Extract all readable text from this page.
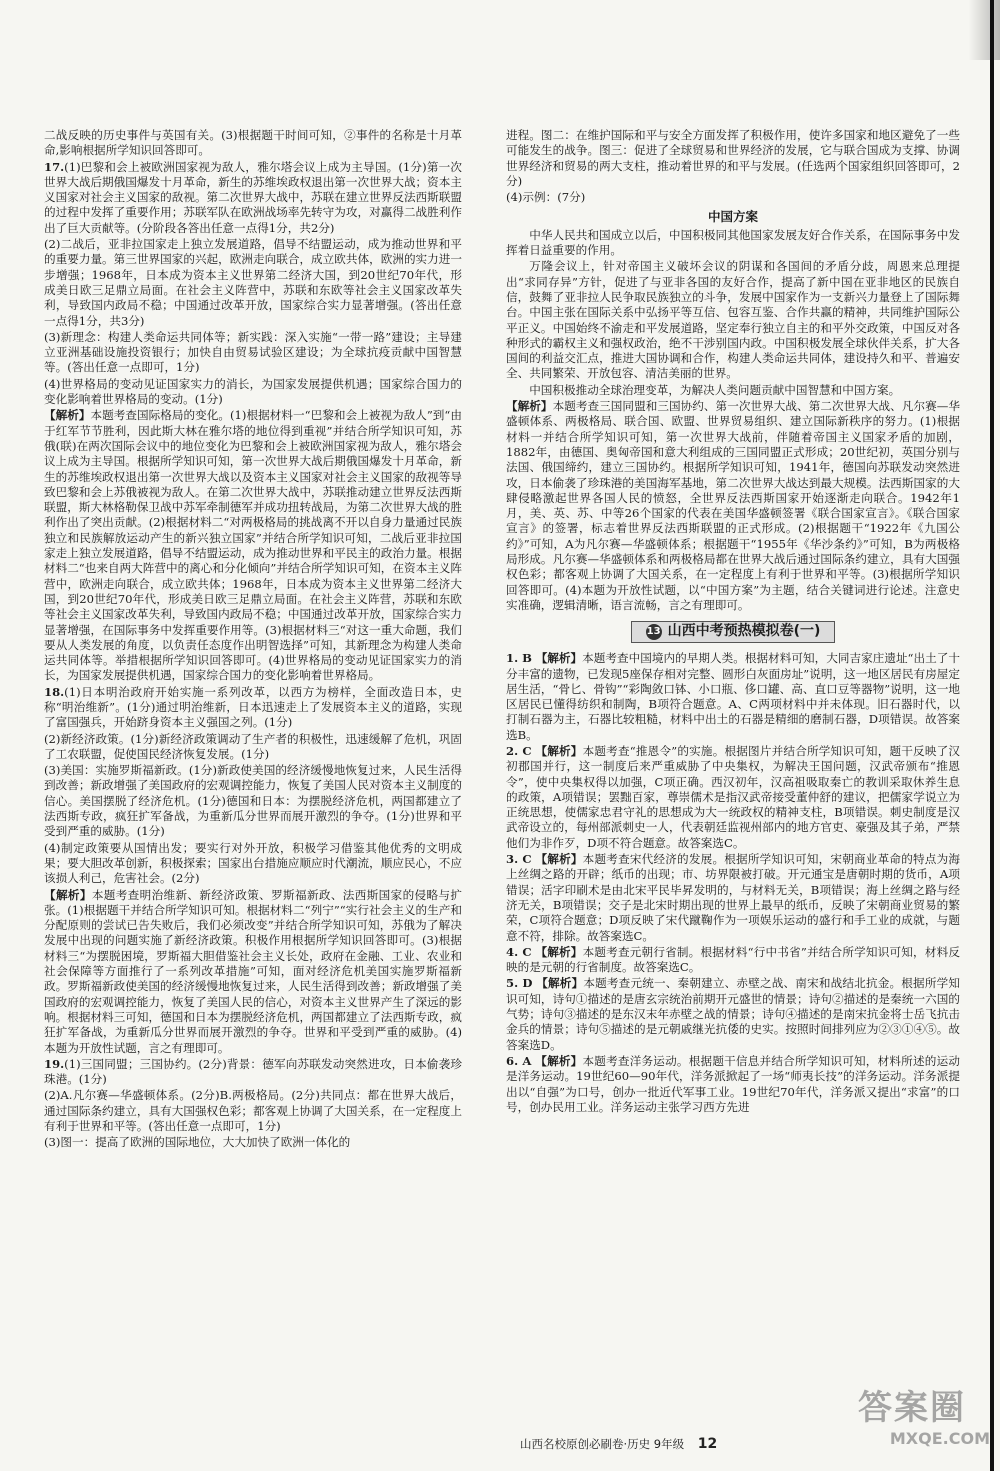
二战反映的历史事件与英国有关。(3)根据题干时间可知，②事件的名称是十月革命,影响根据所学知识回答即可。

17.(1)巴黎和会上被欧洲国家视为敌人，雅尔塔会议上成为主导国。(1分)第一次世界大战后期俄国爆发十月革命，新生的苏维埃政权退出第一次世界大战；资本主义国家对社会主义国家的敌视。第二次世界大战中，苏联在建立世界反法西斯联盟的过程中发挥了重要作用；苏联军队在欧洲战场率先转守为攻，对赢得二战胜利作出了巨大贡献等。(分阶段各答出任意一点得1分，共2分)

(2)二战后，亚非拉国家走上独立发展道路，倡导不结盟运动，成为推动世界和平的重要力量。第三世界国家的兴起，欧洲走向联合，成立欧共体，欧洲的实力进一步增强；1968年，日本成为资本主义世界第二经济大国，到20世纪70年代，形成美日欧三足鼎立局面。在社会主义阵营中，苏联和东欧等社会主义国家改革失利，导致国内政局不稳；中国通过改革开放，国家综合实力显著增强。(答出任意一点得1分，共3分)

(3)新理念：构建人类命运共同体等；新实践：深入实施“一带一路”建设；主导建立亚洲基础设施投资银行；加快自由贸易试验区建设；为全球抗疫贡献中国智慧等。(答出任意一点即可，1分)

(4)世界格局的变动见证国家实力的消长，为国家发展提供机遇；国家综合国力的变化影响着世界格局的变动。(1分)

【解析】本题考查国际格局的变化。(1)根据材料一“巴黎和会上被视为敌人”到“由于红军节节胜利，因此斯大林在雅尔塔的地位得到重视”并结合所学知识可知，苏俄(联)在两次国际会议中的地位变化为巴黎和会上被欧洲国家视为敌人，雅尔塔会议上成为主导国。根据所学知识可知，第一次世界大战后期俄国爆发十月革命，新生的苏维埃政权退出第一次世界大战以及资本主义国家对社会主义国家的敌视等导致巴黎和会上苏俄被视为敌人。在第二次世界大战中，苏联推动建立世界反法西斯联盟，斯大林格勒保卫战中苏军牵制德军并成功扭转战局，为第二次世界大战的胜利作出了突出贡献。(2)根据材料二“对两极格局的挑战离不开以自身力量通过民族独立和民族解放运动产生的新兴独立国家”并结合所学知识可知，二战后亚非拉国家走上独立发展道路，倡导不结盟运动，成为推动世界和平民主的政治力量。根据材料二“也来自两大阵营中的离心和分化倾向”并结合所学知识可知，在资本主义阵营中，欧洲走向联合，成立欧共体；1968年，日本成为资本主义世界第二经济大国，到20世纪70年代，形成美日欧三足鼎立局面。在社会主义阵营，苏联和东欧等社会主义国家改革失利，导致国内政局不稳；中国通过改革开放，国家综合实力显著增强，在国际事务中发挥重要作用等。(3)根据材料三“对这一重大命题，我们要从人类发展的角度，以负责任态度作出明智选择”可知，其新理念为构建人类命运共同体等。举措根据所学知识回答即可。(4)世界格局的变动见证国家实力的消长，为国家发展提供机遇，国家综合国力的变化影响着世界格局。

18.(1)日本明治政府开始实施一系列改革，以西方为榜样，全面改造日本，史称“明治维新”。(1分)通过明治维新，日本迅速走上了发展资本主义的道路，实现了富国强兵，开始跻身资本主义强国之列。(1分)

(2)新经济政策。(1分)新经济政策调动了生产者的积极性，迅速缓解了危机，巩固了工农联盟，促使国民经济恢复发展。(1分)

(3)美国：实施罗斯福新政。(1分)新政使美国的经济缓慢地恢复过来，人民生活得到改善；新政增强了美国政府的宏观调控能力，恢复了美国人民对资本主义制度的信心。美国摆脱了经济危机。(1分)德国和日本：为摆脱经济危机，两国都建立了法西斯专政，疯狂扩军备战，为重新瓜分世界而展开激烈的争夺。(1分)世界和平受到严重的威胁。(1分)

(4)制定政策要从国情出发；要实行对外开放，积极学习借鉴其他优秀的文明成果；要大胆改革创新，积极探索；国家出台措施应顺应时代潮流，顺应民心，不应该损人利己，危害社会。(2分)

【解析】本题考查明治维新、新经济政策、罗斯福新政、法西斯国家的侵略与扩张。(1)根据题干并结合所学知识可知。根据材料二“列宁”“实行社会主义的生产和分配原则的尝试已告失败后，我们必须改变”并结合所学知识可知，苏俄为了解决发展中出现的问题实施了新经济政策。积极作用根据所学知识回答即可。(3)根据材料三“为摆脱困境，罗斯福大胆借鉴社会主义长处，政府在金融、工业、农业和社会保障等方面推行了一系列改革措施”可知，面对经济危机美国实施罗斯福新政。罗斯福新政使美国的经济缓慢地恢复过来，人民生活得到改善；新政增强了美国政府的宏观调控能力，恢复了美国人民的信心，对资本主义世界产生了深远的影响。根据材料三可知，德国和日本为摆脱经济危机，两国都建立了法西斯专政，疯狂扩军备战，为重新瓜分世界而展开激烈的争夺。世界和平受到严重的威胁。(4)本题为开放性试题，言之有理即可。

19.(1)三国同盟；三国协约。(2分)背景：德军向苏联发动突然进攻，日本偷袭珍珠港。(1分)

(2)A.凡尔赛—华盛顿体系。(2分)B.两极格局。(2分)共同点：都在世界大战后，通过国际条约建立，具有大国强权色彩；都客观上协调了大国关系，在一定程度上有利于世界和平等。(答出任意一点即可，1分)

(3)图一：提高了欧洲的国际地位，大大加快了欧洲一体化的

进程。图二：在维护国际和平与安全方面发挥了积极作用，使许多国家和地区避免了一些可能发生的战争。图三：促进了全球贸易和世界经济的发展，它与联合国成为支撑、协调世界经济和贸易的两大支柱，推动着世界的和平与发展。(任选两个国家组织回答即可，2分)

(4)示例：(7分)

中国方案

中华人民共和国成立以后，中国积极同其他国家发展友好合作关系，在国际事务中发挥着日益重要的作用。

万隆会议上，针对帝国主义破坏会议的阴谋和各国间的矛盾分歧，周恩来总理提出“求同存异”方针，促进了与亚非各国的友好合作，提高了新中国在亚非地区的民族自信，鼓舞了亚非拉人民争取民族独立的斗争，发展中国家作为一支新兴力量登上了国际舞台。中国主张在国际关系中弘扬平等互信、包容互鉴、合作共赢的精神，共同维护国际公平正义。中国始终不渝走和平发展道路，坚定奉行独立自主的和平外交政策，中国反对各种形式的霸权主义和强权政治，绝不干涉别国内政。中国积极发展全球伙伴关系，扩大各国间的利益交汇点，推进大国协调和合作，构建人类命运共同体，建设持久和平、普遍安全、共同繁荣、开放包容、清洁美丽的世界。

中国积极推动全球治理变革，为解决人类问题贡献中国智慧和中国方案。

【解析】本题考查三国同盟和三国协约、第一次世界大战、第二次世界大战、凡尔赛—华盛顿体系、两极格局、联合国、欧盟、世界贸易组织、建立国际新秩序的努力。(1)根据材料一并结合所学知识可知，第一次世界大战前，伴随着帝国主义国家矛盾的加剧，1882年，由德国、奥匈帝国和意大利组成的三国同盟正式形成；20世纪初，英国分别与法国、俄国缔约，建立三国协约。根据所学知识可知，1941年，德国向苏联发动突然进攻，日本偷袭了珍珠港的美国海军基地，第二次世界大战达到最大规模。法西斯国家的大肆侵略激起世界各国人民的愤怒，全世界反法西斯国家开始逐渐走向联合。1942年1月，美、英、苏、中等26个国家的代表在美国华盛顿签署《联合国家宣言》。《联合国家宣言》的签署，标志着世界反法西斯联盟的正式形成。(2)根据题干“1922年《九国公约》”可知，A为凡尔赛—华盛顿体系；根据题干“1955年《华沙条约》”可知，B为两极格局形成。凡尔赛—华盛顿体系和两极格局都在世界大战后通过国际条约建立，具有大国强权色彩；都客观上协调了大国关系，在一定程度上有利于世界和平等。(3)根据所学知识回答即可。(4)本题为开放性试题，以“中国方案”为主题，结合关键词进行论述。注意史实准确，逻辑清晰，语言流畅，言之有理即可。

13 山西中考预热模拟卷(一)

1. B 【解析】本题考查中国境内的早期人类。根据材料可知，大同吉家庄遗址“出土了十分丰富的遗物，已发现5座保存相对完整、圆形白灰面房址”说明，这一地区居民有房屋定居生活，“骨匕、骨钩”“彩陶敛口钵、小口瓶、侈口罐、高、直口豆等器物”说明，这一地区居民已懂得纺织和制陶，B项符合题意。A、C两项材料中并未体现。旧石器时代，以打制石器为主，石器比较粗糙，材料中出土的石器是精细的磨制石器，D项错误。故答案选B。

2. C 【解析】本题考查“推恩令”的实施。根据图片并结合所学知识可知，题干反映了汉初郡国并行，这一制度后来严重威胁了中央集权，为解决王国问题，汉武帝颁布“推恩令”，使中央集权得以加强，C项正确。西汉初年，汉高祖吸取秦亡的教训采取休养生息的政策，A项错误；罢黜百家，尊崇儒术是指汉武帝接受董仲舒的建议，把儒家学说立为正统思想，使儒家忠君守礼的思想成为大一统政权的精神支柱，B项错误。刺史制度是汉武帝设立的，每州部派刺史一人，代表朝廷监视州部内的地方官吏、豪强及其子弟，严禁他们为非作歹，D项不符合题意。故答案选C。

3. C 【解析】本题考查宋代经济的发展。根据所学知识可知，宋朝商业革命的特点为海上丝绸之路的开辟；纸币的出现；市、坊界限被打破。开元通宝是唐朝时期的货币，A项错误；活字印刷术是由北宋平民毕昇发明的，与材料无关，B项错误；海上丝绸之路与经济无关，B项错误；交子是北宋时期出现的世界上最早的纸币，反映了宋朝商业贸易的繁荣，C项符合题意；D项反映了宋代蹴鞠作为一项娱乐运动的盛行和手工业的成就，与题意不符，排除。故答案选C。

4. C 【解析】本题考查元朝行省制。根据材料“行中书省”并结合所学知识可知，材料反映的是元朝的行省制度。故答案选C。

5. D 【解析】本题考查元统一、秦朝建立、赤壁之战、南宋和战结北抗金。根据所学知识可知，诗句①描述的是唐玄宗统治前期开元盛世的情景；诗句②描述的是秦统一六国的气势；诗句③描述的是东汉末年赤壁之战的情景；诗句④描述的是南宋抗金将士岳飞抗击金兵的情景；诗句⑤描述的是元朝戚继光抗倭的史实。按照时间排列应为②③①④⑤。故答案选D。

6. A 【解析】本题考查洋务运动。根据题干信息并结合所学知识可知，材料所述的运动是洋务运动。19世纪60—90年代，洋务派掀起了一场“师夷长技”的洋务运动。洋务派提出以“自强”为口号，创办一批近代军事工业。19世纪70年代，洋务派又提出“求富”的口号，创办民用工业。洋务运动主张学习西方先进

山西名校原创必刷卷·历史 9年级 12
答案圈
MXQE.COM
